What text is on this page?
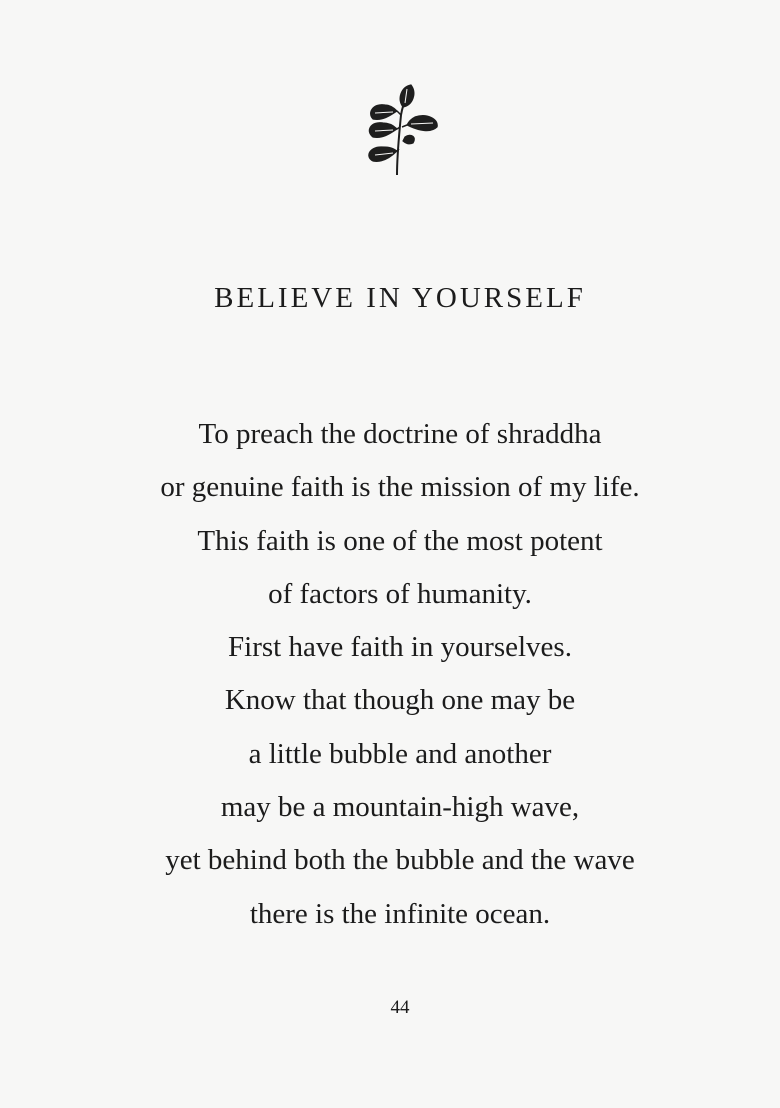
BELIEVE IN YOURSELF
To preach the doctrine of shraddha
or genuine faith is the mission of my life.
This faith is one of the most potent
of factors of humanity.
First have faith in yourselves.
Know that though one may be
a little bubble and another
may be a mountain-high wave,
yet behind both the bubble and the wave
there is the infinite ocean.
44
